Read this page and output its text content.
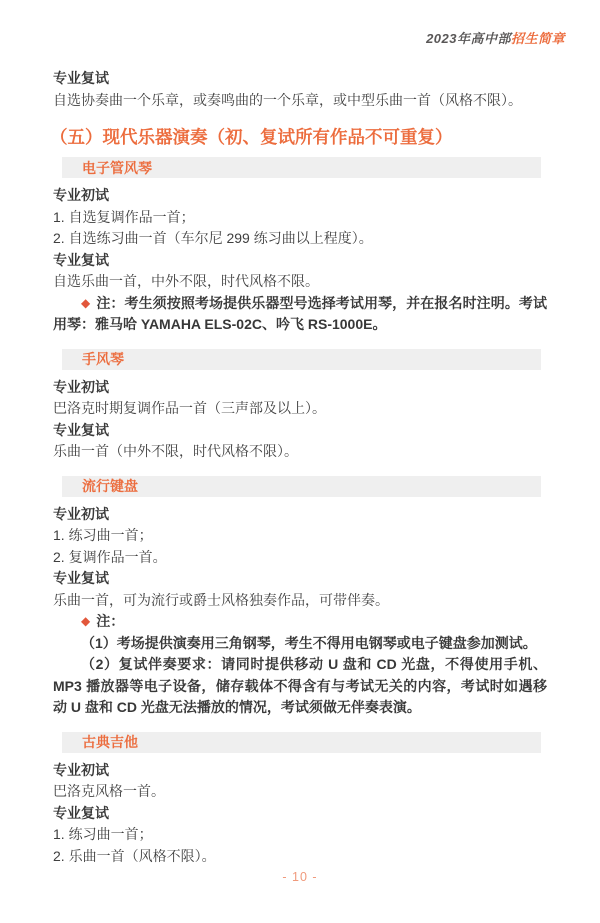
2023年高中部招生简章

专业复试

自选协奏曲一个乐章，或奏鸣曲的一个乐章，或中型乐曲一首（风格不限）。

（五）现代乐器演奏（初、复试所有作品不可重复）
电子管风琴

专业初试

1. 自选复调作品一首；

2. 自选练习曲一首（车尔尼 299 练习曲以上程度）。

专业复试

自选乐曲一首，中外不限，时代风格不限。

◆ 注：考生须按照考场提供乐器型号选择考试用琴，并在报名时注明。考试用琴：雅马哈 YAMAHA ELS-02C、吟飞 RS-1000E。

手风琴

专业初试

巴洛克时期复调作品一首（三声部及以上）。

专业复试

乐曲一首（中外不限，时代风格不限）。

流行键盘

专业初试

1. 练习曲一首；

2. 复调作品一首。

专业复试

乐曲一首，可为流行或爵士风格独奏作品，可带伴奏。

◆ 注：

（1）考场提供演奏用三角钢琴，考生不得用电钢琴或电子键盘参加测试。

（2）复试伴奏要求：请同时提供移动 U 盘和 CD 光盘，不得使用手机、MP3 播放器等电子设备，储存载体不得含有与考试无关的内容，考试时如遇移动 U 盘和 CD 光盘无法播放的情况，考试须做无伴奏表演。

古典吉他

专业初试

巴洛克风格一首。

专业复试

1. 练习曲一首；

2. 乐曲一首（风格不限）。

- 10 -
